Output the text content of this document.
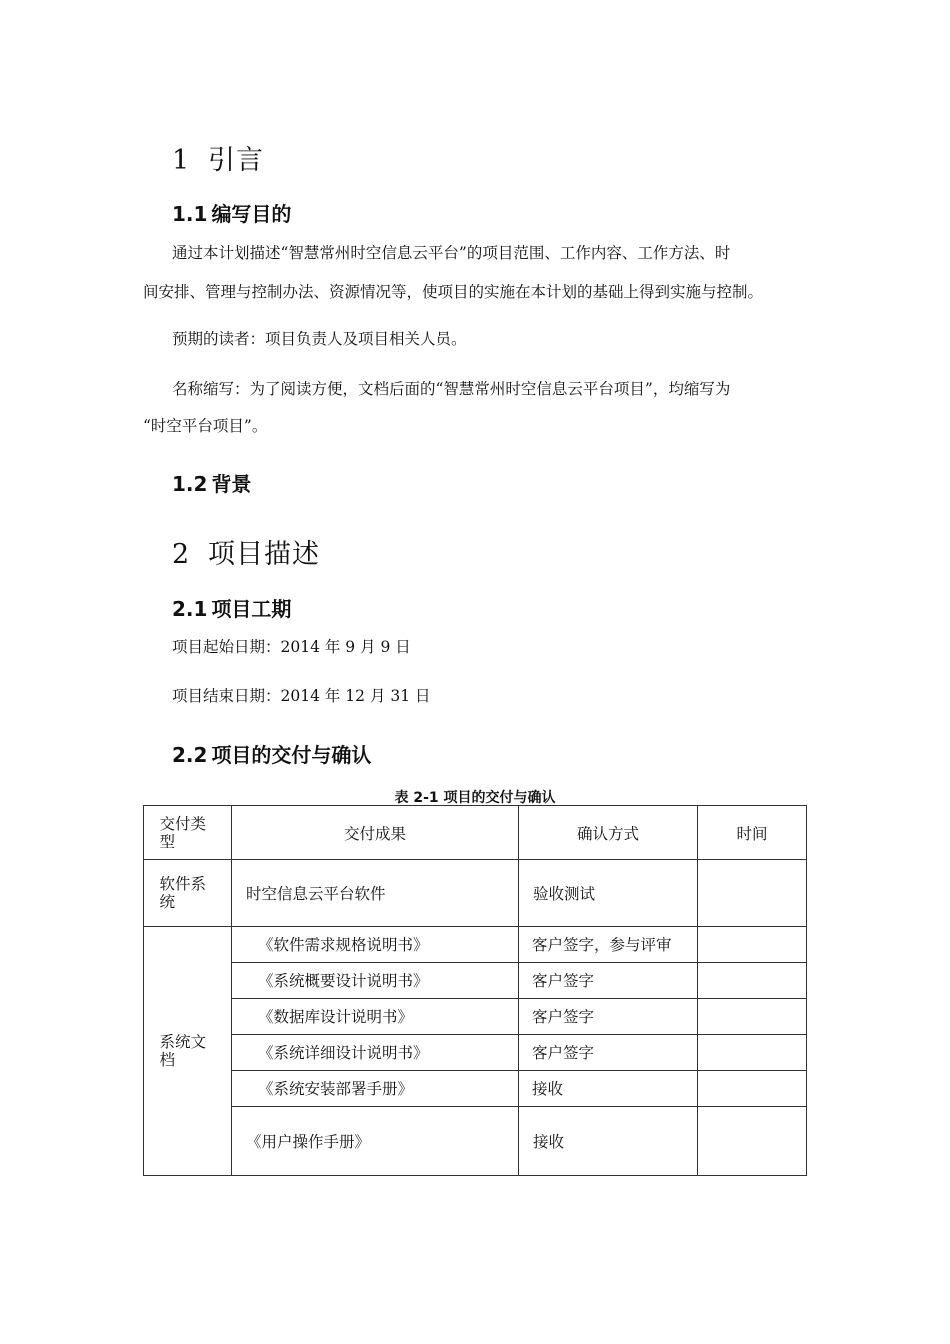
1 引言
1.1 编写目的
通过本计划描述“智慧常州时空信息云平台”的项目范围、工作内容、工作方法、时
间安排、管理与控制办法、资源情况等，使项目的实施在本计划的基础上得到实施与控制。
预期的读者：项目负责人及项目相关人员。
名称缩写：为了阅读方便，文档后面的“智慧常州时空信息云平台项目”，均缩写为
“时空平台项目”。
1.2 背景
2 项目描述
2.1 项目工期
项目起始日期：2014 年 9 月 9 日
项目结束日期：2014 年 12 月 31 日
2.2 项目的交付与确认
表 2-1 项目的交付与确认
交付类型	交付成果	确认方式	时间
软件系统	时空信息云平台软件	验收测试	
系统文档	《软件需求规格说明书》	客户签字，参与评审	
	《系统概要设计说明书》	客户签字	
	《数据库设计说明书》	客户签字	
	《系统详细设计说明书》	客户签字	
	《系统安装部署手册》	接收	
	《用户操作手册》	接收	
